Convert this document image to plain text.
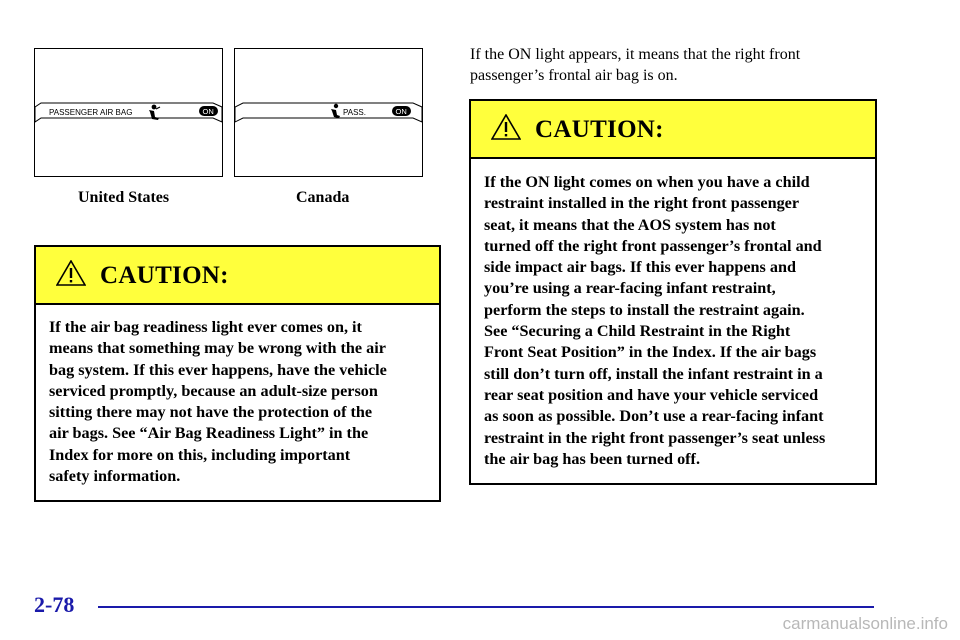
PASSENGER AIR BAG	ON
United States
PASS.	ON
Canada
CAUTION:
If the air bag readiness light ever comes on, it
means that something may be wrong with the air
bag system. If this ever happens, have the vehicle
serviced promptly, because an adult-size person
sitting there may not have the protection of the
air bags. See “Air Bag Readiness Light” in the
Index for more on this, including important
safety information.
If the ON light appears, it means that the right front
passenger’s frontal air bag is on.
CAUTION:
If the ON light comes on when you have a child
restraint installed in the right front passenger
seat, it means that the AOS system has not
turned off the right front passenger’s frontal and
side impact air bags. If this ever happens and
you’re using a rear-facing infant restraint,
perform the steps to install the restraint again.
See “Securing a Child Restraint in the Right
Front Seat Position” in the Index. If the air bags
still don’t turn off, install the infant restraint in a
rear seat position and have your vehicle serviced
as soon as possible. Don’t use a rear-facing infant
restraint in the right front passenger’s seat unless
the air bag has been turned off.
2-78
carmanualsonline.info
